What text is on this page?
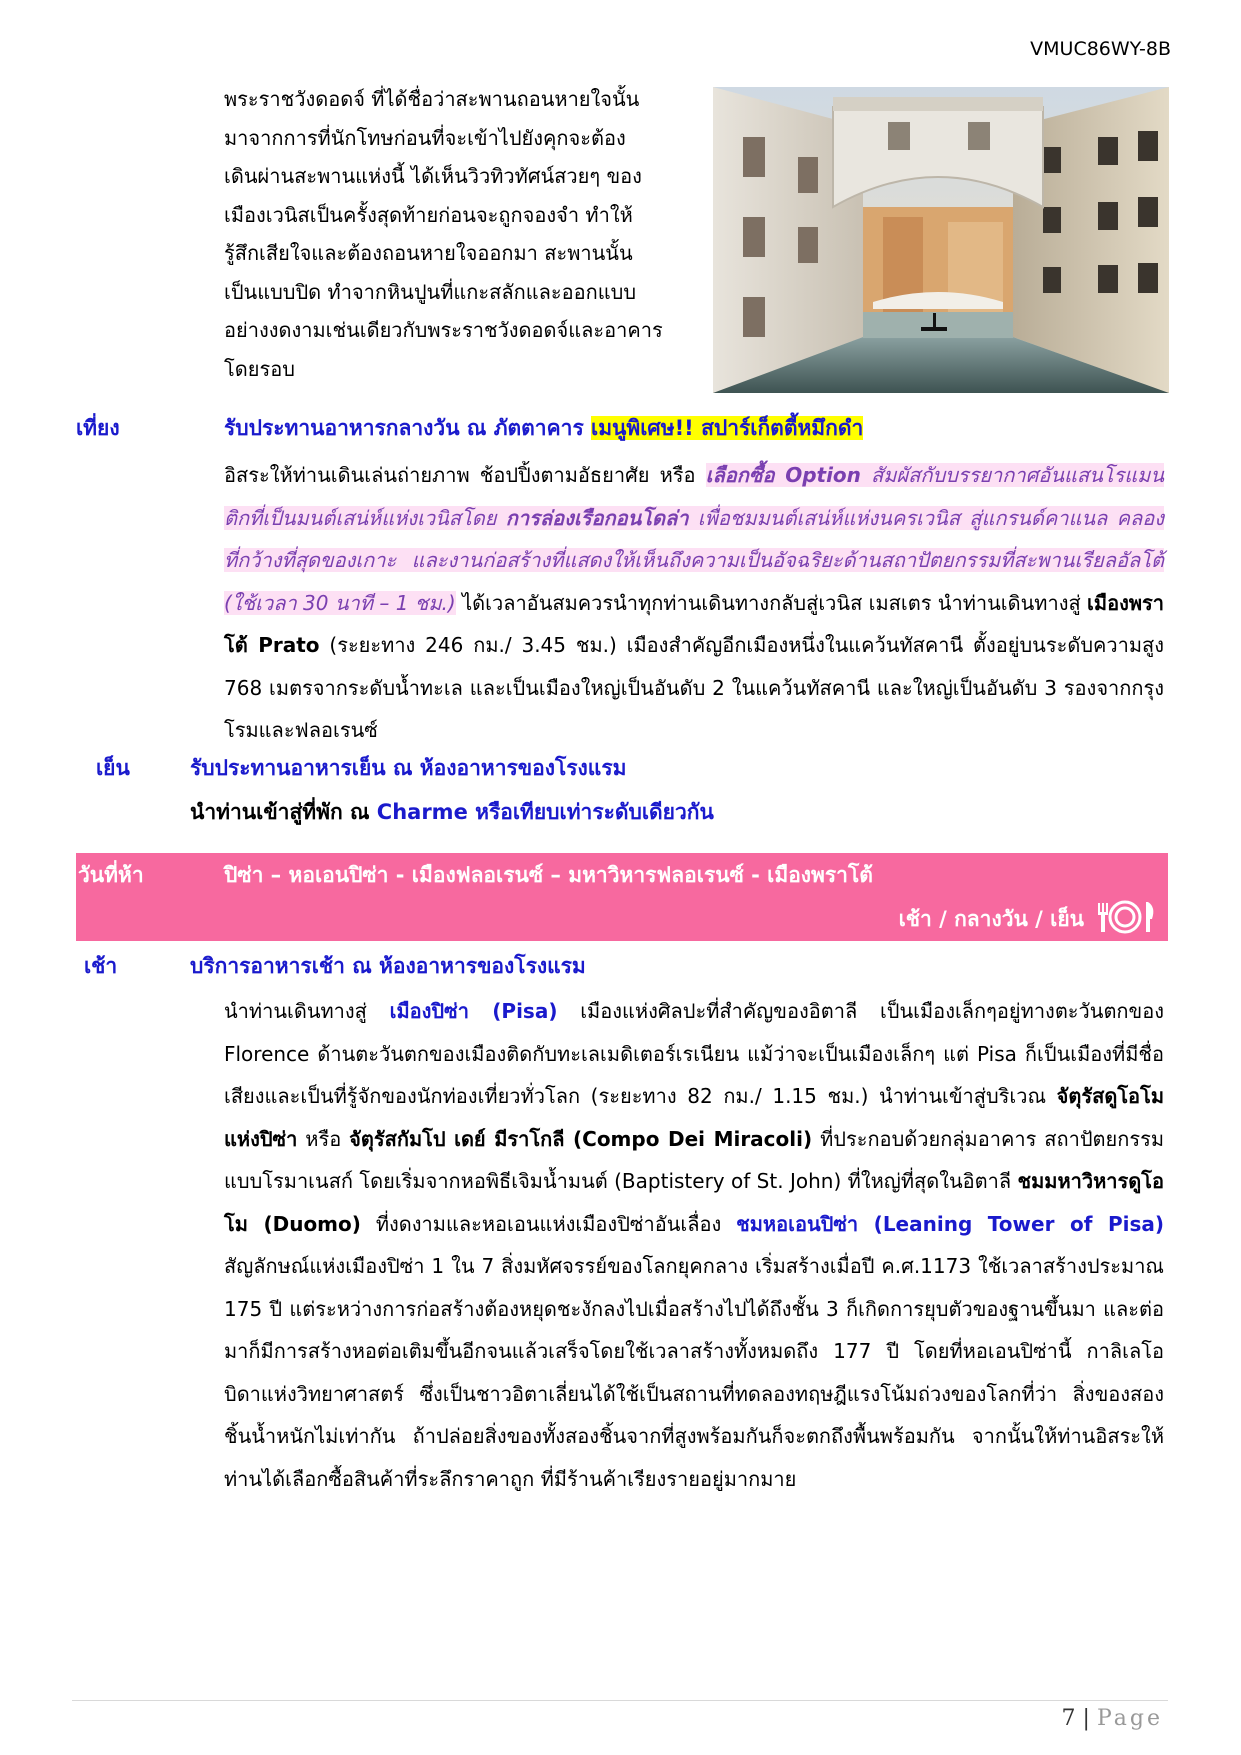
VMUC86WY-8B
พระราชวังดอดจ์ ที่ได้ชื่อว่าสะพานถอนหายใจนั้น
มาจากการที่นักโทษก่อนที่จะเข้าไปยังคุกจะต้อง
เดินผ่านสะพานแห่งนี้ ได้เห็นวิวทิวทัศน์สวยๆ ของ
เมืองเวนิสเป็นครั้งสุดท้ายก่อนจะถูกจองจำ ทำให้
รู้สึกเสียใจและต้องถอนหายใจออกมา สะพานนั้น
เป็นแบบปิด ทำจากหินปูนที่แกะสลักและออกแบบ
อย่างงดงามเช่นเดียวกับพระราชวังดอดจ์และอาคาร
โดยรอบ
เที่ยง	รับประทานอาหารกลางวัน ณ ภัตตาคาร เมนูพิเศษ!! สปาร์เก็ตตี้หมึกดำ
อิสระให้ท่านเดินเล่นถ่ายภาพ ช้อปปิ้งตามอัธยาศัย หรือ เลือกซื้อ Option สัมผัสกับบรรยากาศอันแสนโรแมนติกที่เป็นมนต์เสน่ห์แห่งเวนิสโดย การล่องเรือกอนโดล่า เพื่อชมมนต์เสน่ห์แห่งนครเวนิส สู่แกรนด์คาแนล คลองที่กว้างที่สุดของเกาะ และงานก่อสร้างที่แสดงให้เห็นถึงความเป็นอัจฉริยะด้านสถาปัตยกรรมที่สะพานเรียลอัลโต้ (ใช้เวลา 30 นาที – 1 ชม.) ได้เวลาอันสมควรนำทุกท่านเดินทางกลับสู่เวนิส เมสเตร นำท่านเดินทางสู่ เมืองพราโต้ Prato (ระยะทาง 246 กม./ 3.45 ชม.) เมืองสำคัญอีกเมืองหนึ่งในแคว้นทัสคานี ตั้งอยู่บนระดับความสูง 768 เมตรจากระดับน้ำทะเล และเป็นเมืองใหญ่เป็นอันดับ 2 ในแคว้นทัสคานี และใหญ่เป็นอันดับ 3 รองจากกรุงโรมและฟลอเรนซ์
เย็น	รับประทานอาหารเย็น ณ ห้องอาหารของโรงแรม
นำท่านเข้าสู่ที่พัก ณ Charme หรือเทียบเท่าระดับเดียวกัน
วันที่ห้า	ปิซ่า – หอเอนปิซ่า - เมืองฟลอเรนซ์ – มหาวิหารฟลอเรนซ์ - เมืองพราโต้
เช้า / กลางวัน / เย็น
เช้า	บริการอาหารเช้า ณ ห้องอาหารของโรงแรม
นำท่านเดินทางสู่ เมืองปิซ่า (Pisa) เมืองแห่งศิลปะที่สำคัญของอิตาลี เป็นเมืองเล็กๆอยู่ทางตะวันตกของ Florence ด้านตะวันตกของเมืองติดกับทะเลเมดิเตอร์เรเนียน แม้ว่าจะเป็นเมืองเล็กๆ แต่ Pisa ก็เป็นเมืองที่มีชื่อเสียงและเป็นที่รู้จักของนักท่องเที่ยวทั่วโลก (ระยะทาง 82 กม./ 1.15 ชม.) นำท่านเข้าสู่บริเวณ จัตุรัสดูโอโมแห่งปิซ่า หรือ จัตุรัสกัมโป เดย์ มีราโกลี (Compo Dei Miracoli) ที่ประกอบด้วยกลุ่มอาคาร สถาปัตยกรรมแบบโรมาเนสก์ โดยเริ่มจากหอพิธีเจิมน้ำมนต์ (Baptistery of St. John) ที่ใหญ่ที่สุดในอิตาลี ชมมหาวิหารดูโอโม (Duomo) ที่งดงามและหอเอนแห่งเมืองปิซ่าอันเลื่อง ชมหอเอนปิซ่า (Leaning Tower of Pisa) สัญลักษณ์แห่งเมืองปิซ่า 1 ใน 7 สิ่งมหัศจรรย์ของโลกยุคกลาง เริ่มสร้างเมื่อปี ค.ศ.1173 ใช้เวลาสร้างประมาณ 175 ปี แต่ระหว่างการก่อสร้างต้องหยุดชะงักลงไปเมื่อสร้างไปได้ถึงชั้น 3 ก็เกิดการยุบตัวของฐานขึ้นมา และต่อมาก็มีการสร้างหอต่อเติมขึ้นอีกจนแล้วเสร็จโดยใช้เวลาสร้างทั้งหมดถึง 177 ปี โดยที่หอเอนปิซ่านี้ กาลิเลโอ บิดาแห่งวิทยาศาสตร์ ซึ่งเป็นชาวอิตาเลี่ยนได้ใช้เป็นสถานที่ทดลองทฤษฎีแรงโน้มถ่วงของโลกที่ว่า สิ่งของสองชิ้นน้ำหนักไม่เท่ากัน ถ้าปล่อยสิ่งของทั้งสองชิ้นจากที่สูงพร้อมกันก็จะตกถึงพื้นพร้อมกัน จากนั้นให้ท่านอิสระให้ท่านได้เลือกซื้อสินค้าที่ระลึกราคาถูก ที่มีร้านค้าเรียงรายอยู่มากมาย
7 | Page
